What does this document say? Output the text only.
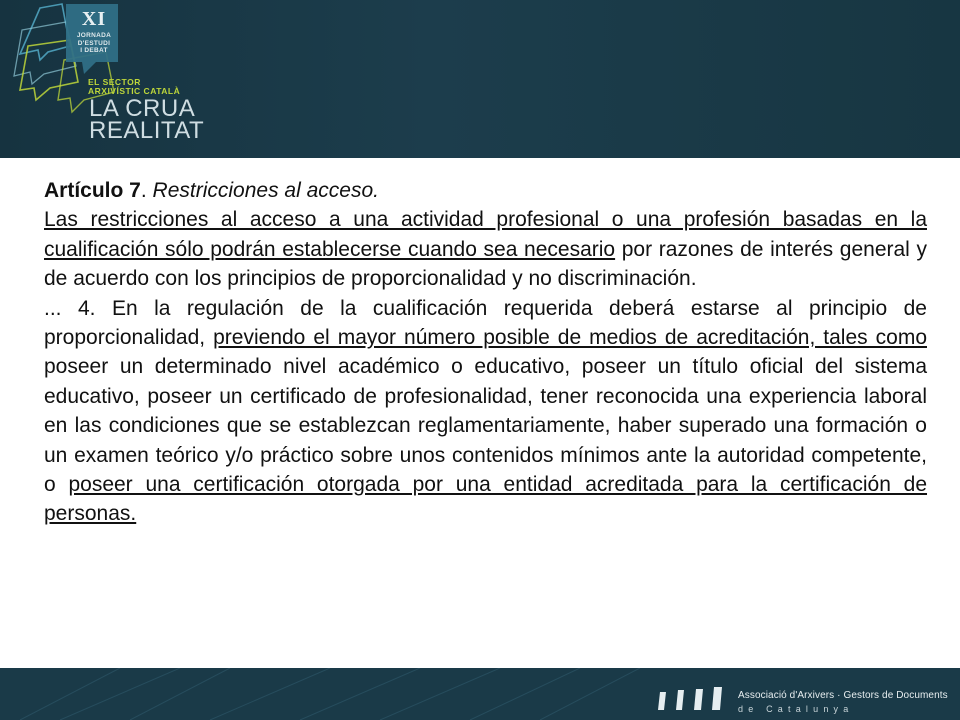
XI
JORNADA
D'ESTUDI
I DEBAT
EL SECTOR
ARXIVÍSTIC CATALÀ
LA CRUA
REALITAT

Artículo 7. Restricciones al acceso.

Las restricciones al acceso a una actividad profesional o una profesión basadas en la cualificación sólo podrán establecerse cuando sea necesario por razones de interés general y de acuerdo con los principios de proporcionalidad y no discriminación.

... 4. En la regulación de la cualificación requerida deberá estarse al principio de proporcionalidad, previendo el mayor número posible de medios de acreditación, tales como poseer un determinado nivel académico o educativo, poseer un título oficial del sistema educativo, poseer un certificado de profesionalidad, tener reconocida una experiencia laboral en las condiciones que se establezcan reglamentariamente, haber superado una formación o un examen teórico y/o práctico sobre unos contenidos mínimos ante la autoridad competente, o poseer una certificación otorgada por una entidad acreditada para la certificación de personas.

Associació d'Arxivers · Gestors de Documents
de Catalunya
